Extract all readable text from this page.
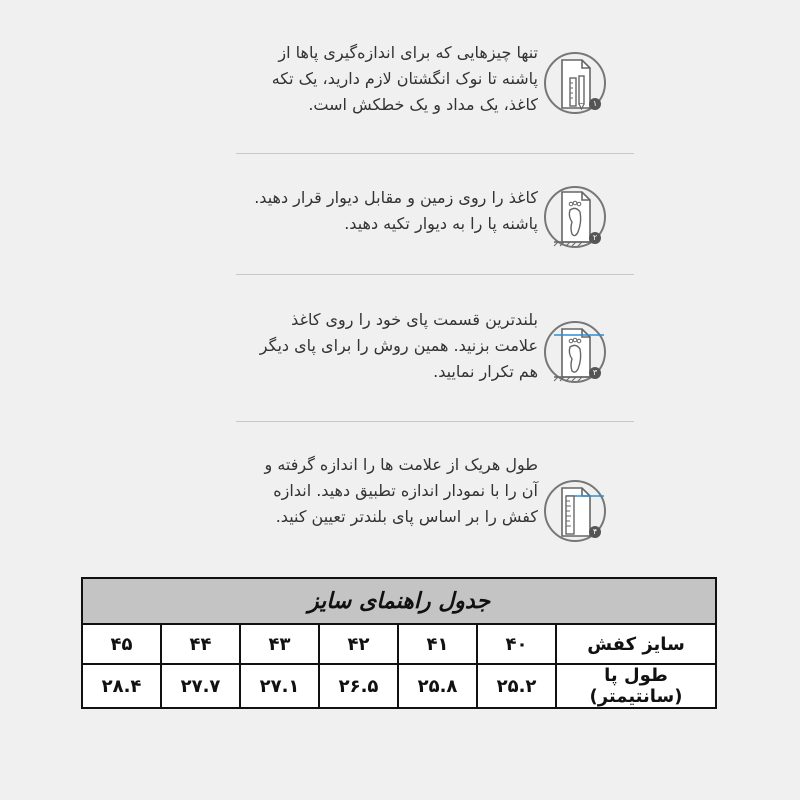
تنها چیزهایی که برای اندازه‌گیری پاها از پاشنه تا نوک انگشتان لازم دارید، یک تکه کاغذ، یک مداد و یک خطکش است.	۱

کاغذ را روی زمین و مقابل دیوار قرار دهید. پاشنه پا را به دیوار تکیه دهید.

۲

بلندترین قسمت پای خود را روی کاغذ علامت بزنید. همین روش را برای پای دیگر هم تکرار نمایید.	۳

طول هریک از علامت ها را اندازه گرفته و آن را با نمودار اندازه تطبیق دهید. اندازه کفش را بر اساس پای بلندتر تعیین کنید.

۴
جدول راهنمای سایز						
سایز کفش	۴۰	۴۱	۴۲	۴۳	۴۴	۴۵
طول پا (سانتیمتر)	۲۵.۲	۲۵.۸	۲۶.۵	۲۷.۱	۲۷.۷	۲۸.۴
